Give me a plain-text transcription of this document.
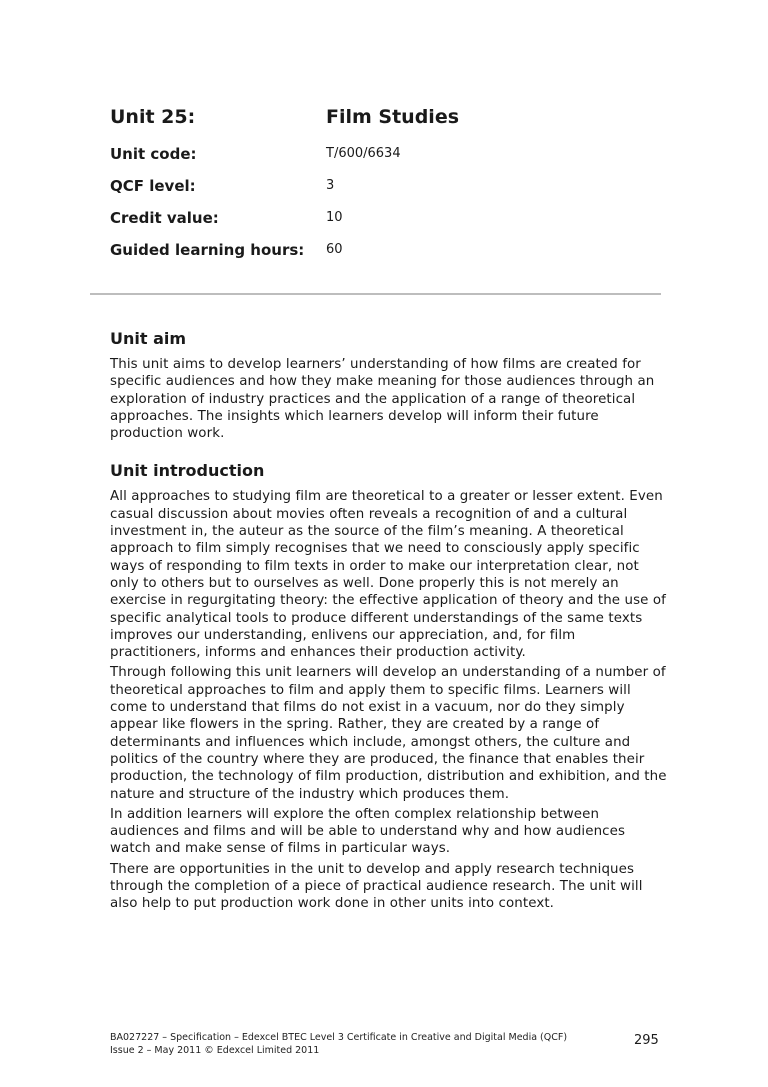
Unit 25:	Film Studies
Unit code:	T/600/6634
QCF level:	3
Credit value:	10
Guided learning hours: 60
Unit aim

This unit aims to develop learners’ understanding of how films are created for specific audiences and how they make meaning for those audiences through an exploration of industry practices and the application of a range of theoretical approaches. The insights which learners develop will inform their future production work.

Unit introduction

All approaches to studying film are theoretical to a greater or lesser extent. Even casual discussion about movies often reveals a recognition of and a cultural investment in, the auteur as the source of the film’s meaning. A theoretical approach to film simply recognises that we need to consciously apply specific ways of responding to film texts in order to make our interpretation clear, not only to others but to ourselves as well. Done properly this is not merely an exercise in regurgitating theory: the effective application of theory and the use of specific analytical tools to produce different understandings of the same texts improves our understanding, enlivens our appreciation, and, for film practitioners, informs and enhances their production activity.

Through following this unit learners will develop an understanding of a number of theoretical approaches to film and apply them to specific films. Learners will come to understand that films do not exist in a vacuum, nor do they simply appear like flowers in the spring. Rather, they are created by a range of determinants and influences which include, amongst others, the culture and politics of the country where they are produced, the finance that enables their production, the technology of film production, distribution and exhibition, and the nature and structure of the industry which produces them.

In addition learners will explore the often complex relationship between audiences and films and will be able to understand why and how audiences watch and make sense of films in particular ways.

There are opportunities in the unit to develop and apply research techniques through the completion of a piece of practical audience research. The unit will also help to put production work done in other units into context.

BA027227 – Specification – Edexcel BTEC Level 3 Certificate in Creative and Digital Media (QCF)
Issue 2 – May 2011 © Edexcel Limited 2011
295
